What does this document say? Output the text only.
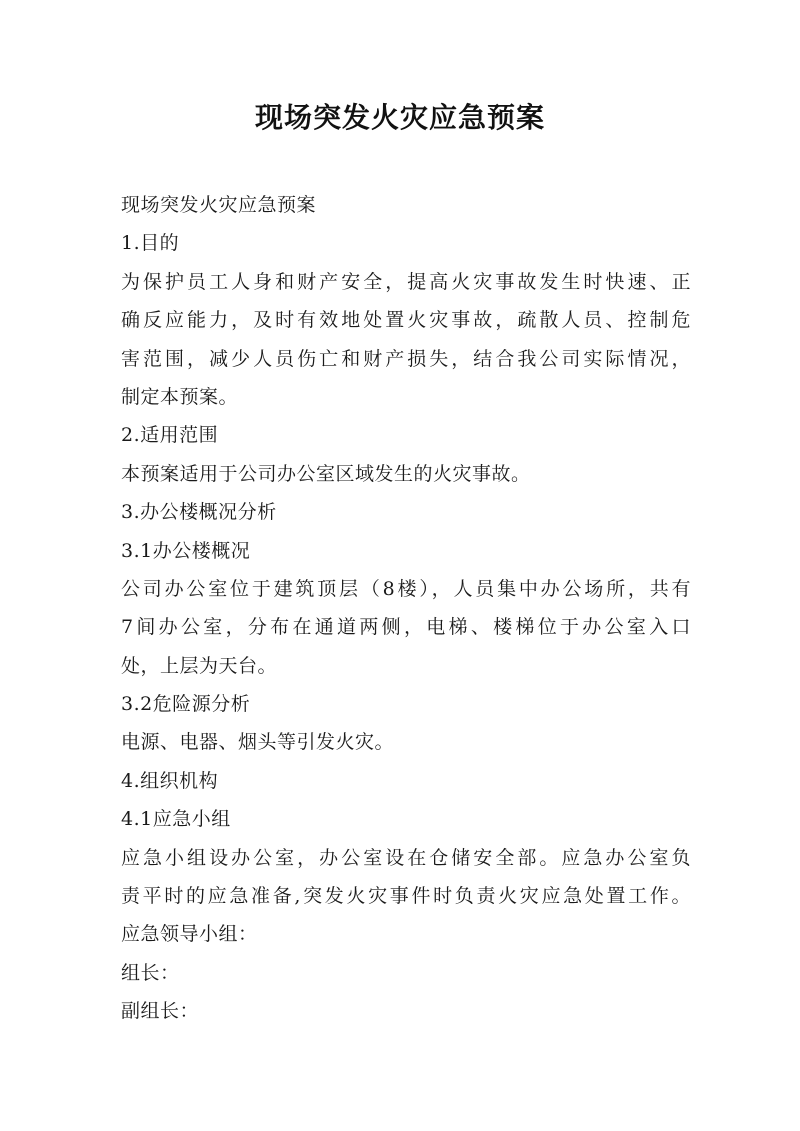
现场突发火灾应急预案
现场突发火灾应急预案
1.目的
为保护员工人身和财产安全，提高火灾事故发生时快速、正
确反应能力，及时有效地处置火灾事故，疏散人员、控制危
害范围，减少人员伤亡和财产损失，结合我公司实际情况，
制定本预案。
2.适用范围
本预案适用于公司办公室区域发生的火灾事故。
3.办公楼概况分析
3.1办公楼概况
公司办公室位于建筑顶层（8楼），人员集中办公场所，共有
7间办公室，分布在通道两侧，电梯、楼梯位于办公室入口
处，上层为天台。
3.2危险源分析
电源、电器、烟头等引发火灾。
4.组织机构
4.1应急小组
应急小组设办公室，办公室设在仓储安全部。应急办公室负
责平时的应急准备,突发火灾事件时负责火灾应急处置工作。
应急领导小组：
组长：
副组长：
